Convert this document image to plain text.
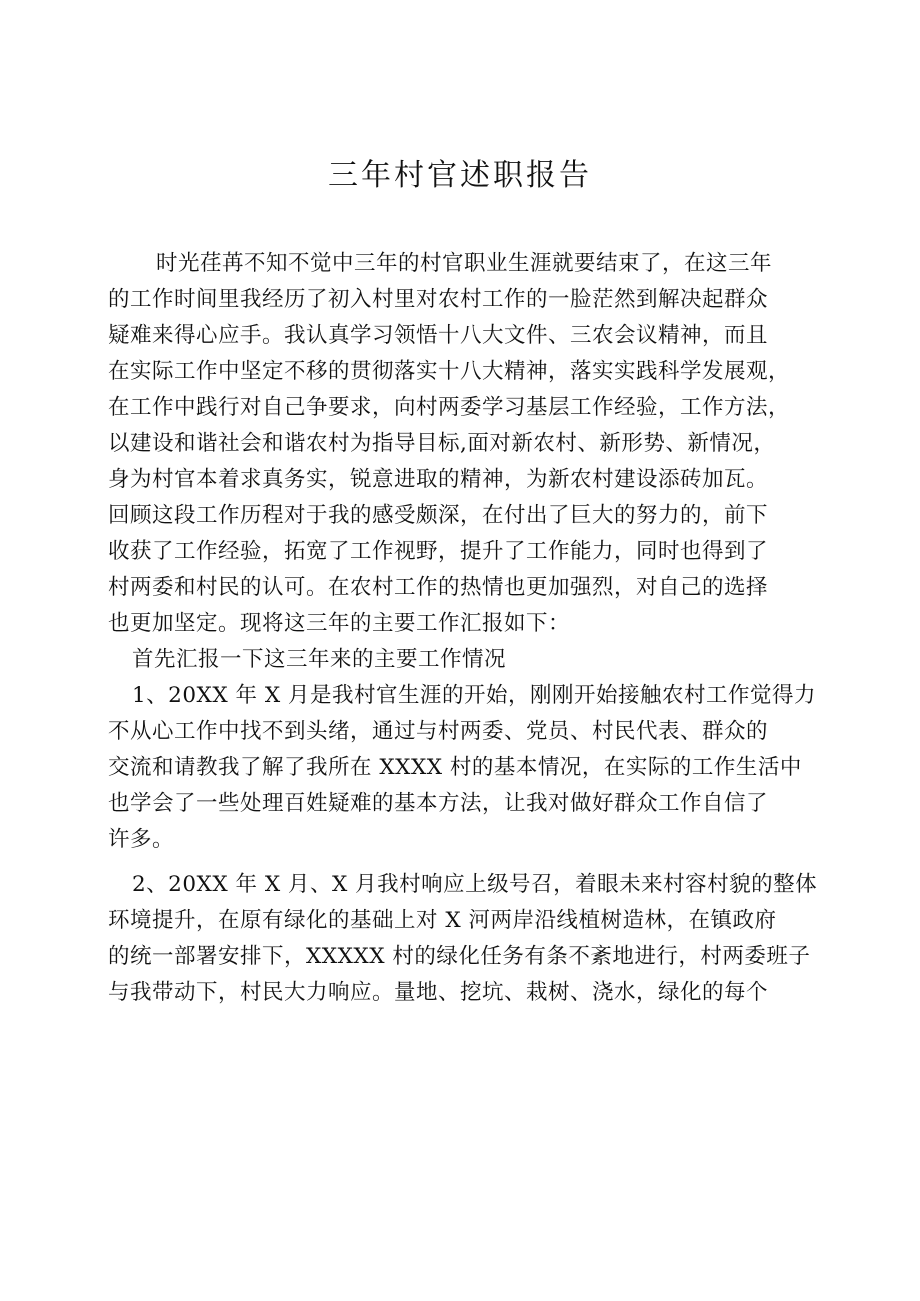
三年村官述职报告
时光荏苒不知不觉中三年的村官职业生涯就要结束了，在这三年
的工作时间里我经历了初入村里对农村工作的一脸茫然到解决起群众
疑难来得心应手。我认真学习领悟十八大文件、三农会议精神，而且
在实际工作中坚定不移的贯彻落实十八大精神，落实实践科学发展观，
在工作中践行对自己争要求，向村两委学习基层工作经验，工作方法，
以建设和谐社会和谐农村为指导目标,面对新农村、新形势、新情况，
身为村官本着求真务实，锐意进取的精神，为新农村建设添砖加瓦。
回顾这段工作历程对于我的感受颇深，在付出了巨大的努力的，前下
收获了工作经验，拓宽了工作视野，提升了工作能力，同时也得到了
村两委和村民的认可。在农村工作的热情也更加强烈，对自己的选择
也更加坚定。现将这三年的主要工作汇报如下：
首先汇报一下这三年来的主要工作情况
1、20XX 年 X 月是我村官生涯的开始，刚刚开始接触农村工作觉得力
不从心工作中找不到头绪，通过与村两委、党员、村民代表、群众的
交流和请教我了解了我所在 XXXX 村的基本情况，在实际的工作生活中
也学会了一些处理百姓疑难的基本方法，让我对做好群众工作自信了
许多。
2、20XX 年 X 月、X 月我村响应上级号召，着眼未来村容村貌的整体
环境提升，在原有绿化的基础上对 X 河两岸沿线植树造林，在镇政府
的统一部署安排下，XXXXX 村的绿化任务有条不紊地进行，村两委班子
与我带动下，村民大力响应。量地、挖坑、栽树、浇水，绿化的每个
